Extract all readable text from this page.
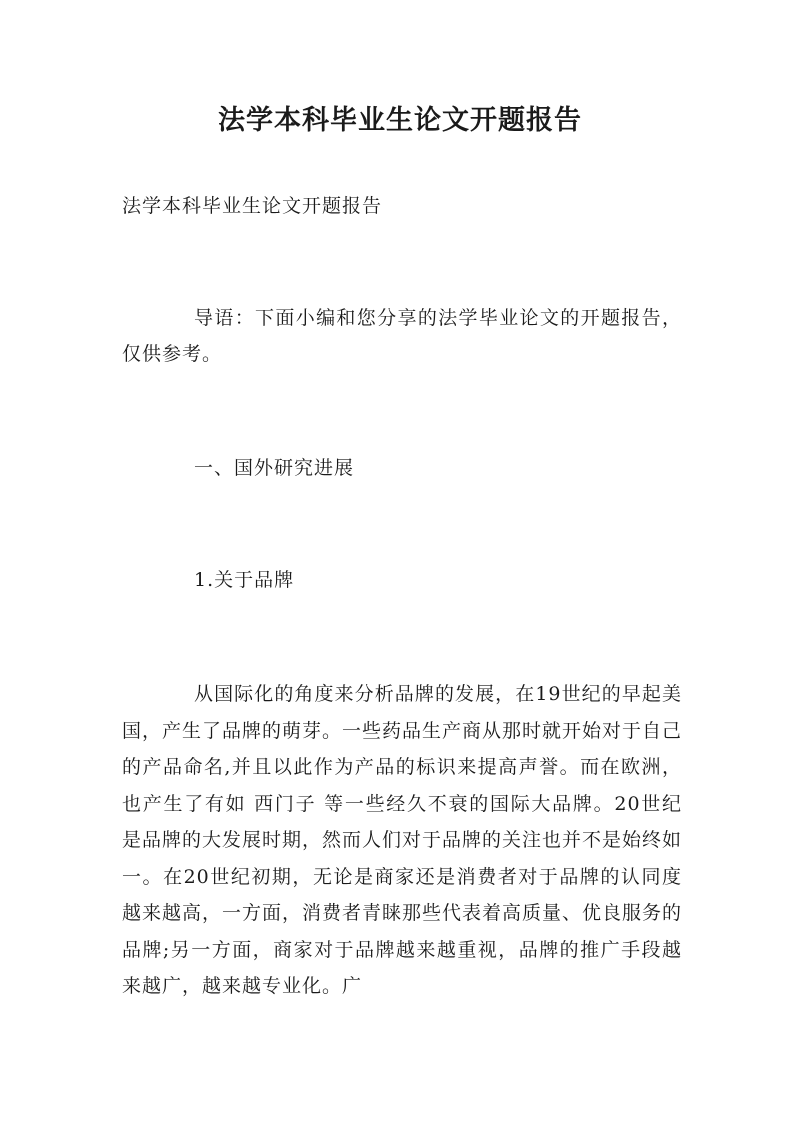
法学本科毕业生论文开题报告
法学本科毕业生论文开题报告
导语：下面小编和您分享的法学毕业论文的开题报告，仅供参考。
一、国外研究进展
1.关于品牌
从国际化的角度来分析品牌的发展，在19世纪的早起美国，产生了品牌的萌芽。一些药品生产商从那时就开始对于自己的产品命名,并且以此作为产品的标识来提高声誉。而在欧洲，也产生了有如 西门子 等一些经久不衰的国际大品牌。20世纪是品牌的大发展时期，然而人们对于品牌的关注也并不是始终如一。在20世纪初期，无论是商家还是消费者对于品牌的认同度越来越高，一方面，消费者青睐那些代表着高质量、优良服务的品牌;另一方面，商家对于品牌越来越重视，品牌的推广手段越来越广，越来越专业化。广
